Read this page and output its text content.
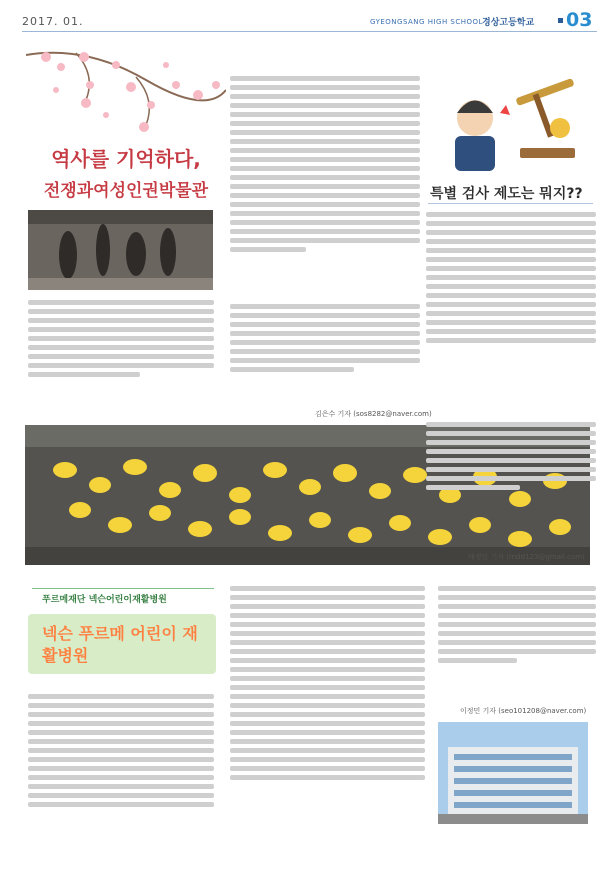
2017. 01.	GYEONGSANG HIGH SCHOOL 경상고등학교 03
역사를 기억하다,
전쟁과여성인권박물관
김은수 기자 (sos8282@naver.com)
특별 검사 제도는 뭐지??
배정민 기자 (rndd123@gmail.com)
푸르메재단 넥슨어린이재활병원
넥슨 푸르메 어린이 재활병원
이정민 기자 (seo101208@naver.com)
